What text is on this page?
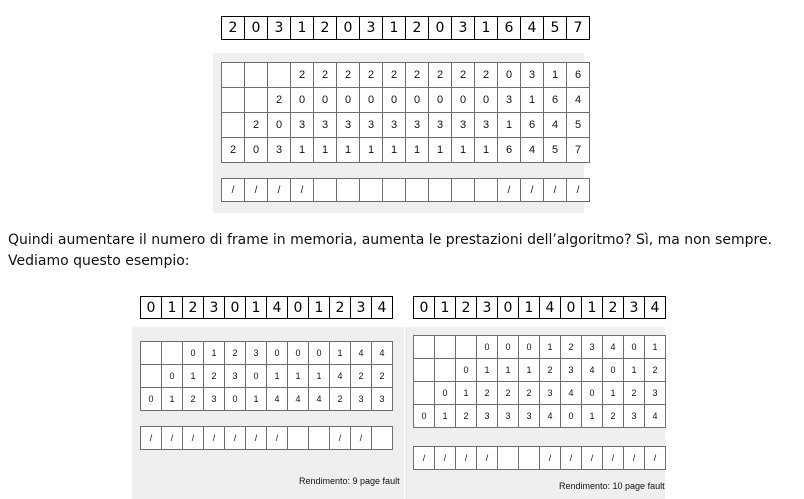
2	0	3	1	2	0	3	1	2	0	3	1	6	4	5	7
			2	2	2	2	2	2	2	2	2	0	3	1	6
		2	0	0	0	0	0	0	0	0	0	3	1	6	4
	2	0	3	3	3	3	3	3	3	3	3	1	6	4	5
2	0	3	1	1	1	1	1	1	1	1	1	6	4	5	7
/	/	/	/									/	/	/	/
Quindi aumentare il numero di frame in memoria, aumenta le prestazioni dell’algoritmo? Sì, ma non sempre. Vediamo questo esempio:
0	1	2	3	0	1	4	0	1	2	3	4
		0	1	2	3	0	0	0	1	4	4
	0	1	2	3	0	1	1	1	4	2	2
0	1	2	3	0	1	4	4	4	2	3	3
/	/	/	/	/	/	/			/	/	
Rendimento: 9 page fault
0	1	2	3	0	1	4	0	1	2	3	4
			0	0	0	1	2	3	4	0	1
		0	1	1	1	2	3	4	0	1	2
	0	1	2	2	2	3	4	0	1	2	3
0	1	2	3	3	3	4	0	1	2	3	4
/	/	/	/			/	/	/	/	/	/
Rendimento: 10 page fault
